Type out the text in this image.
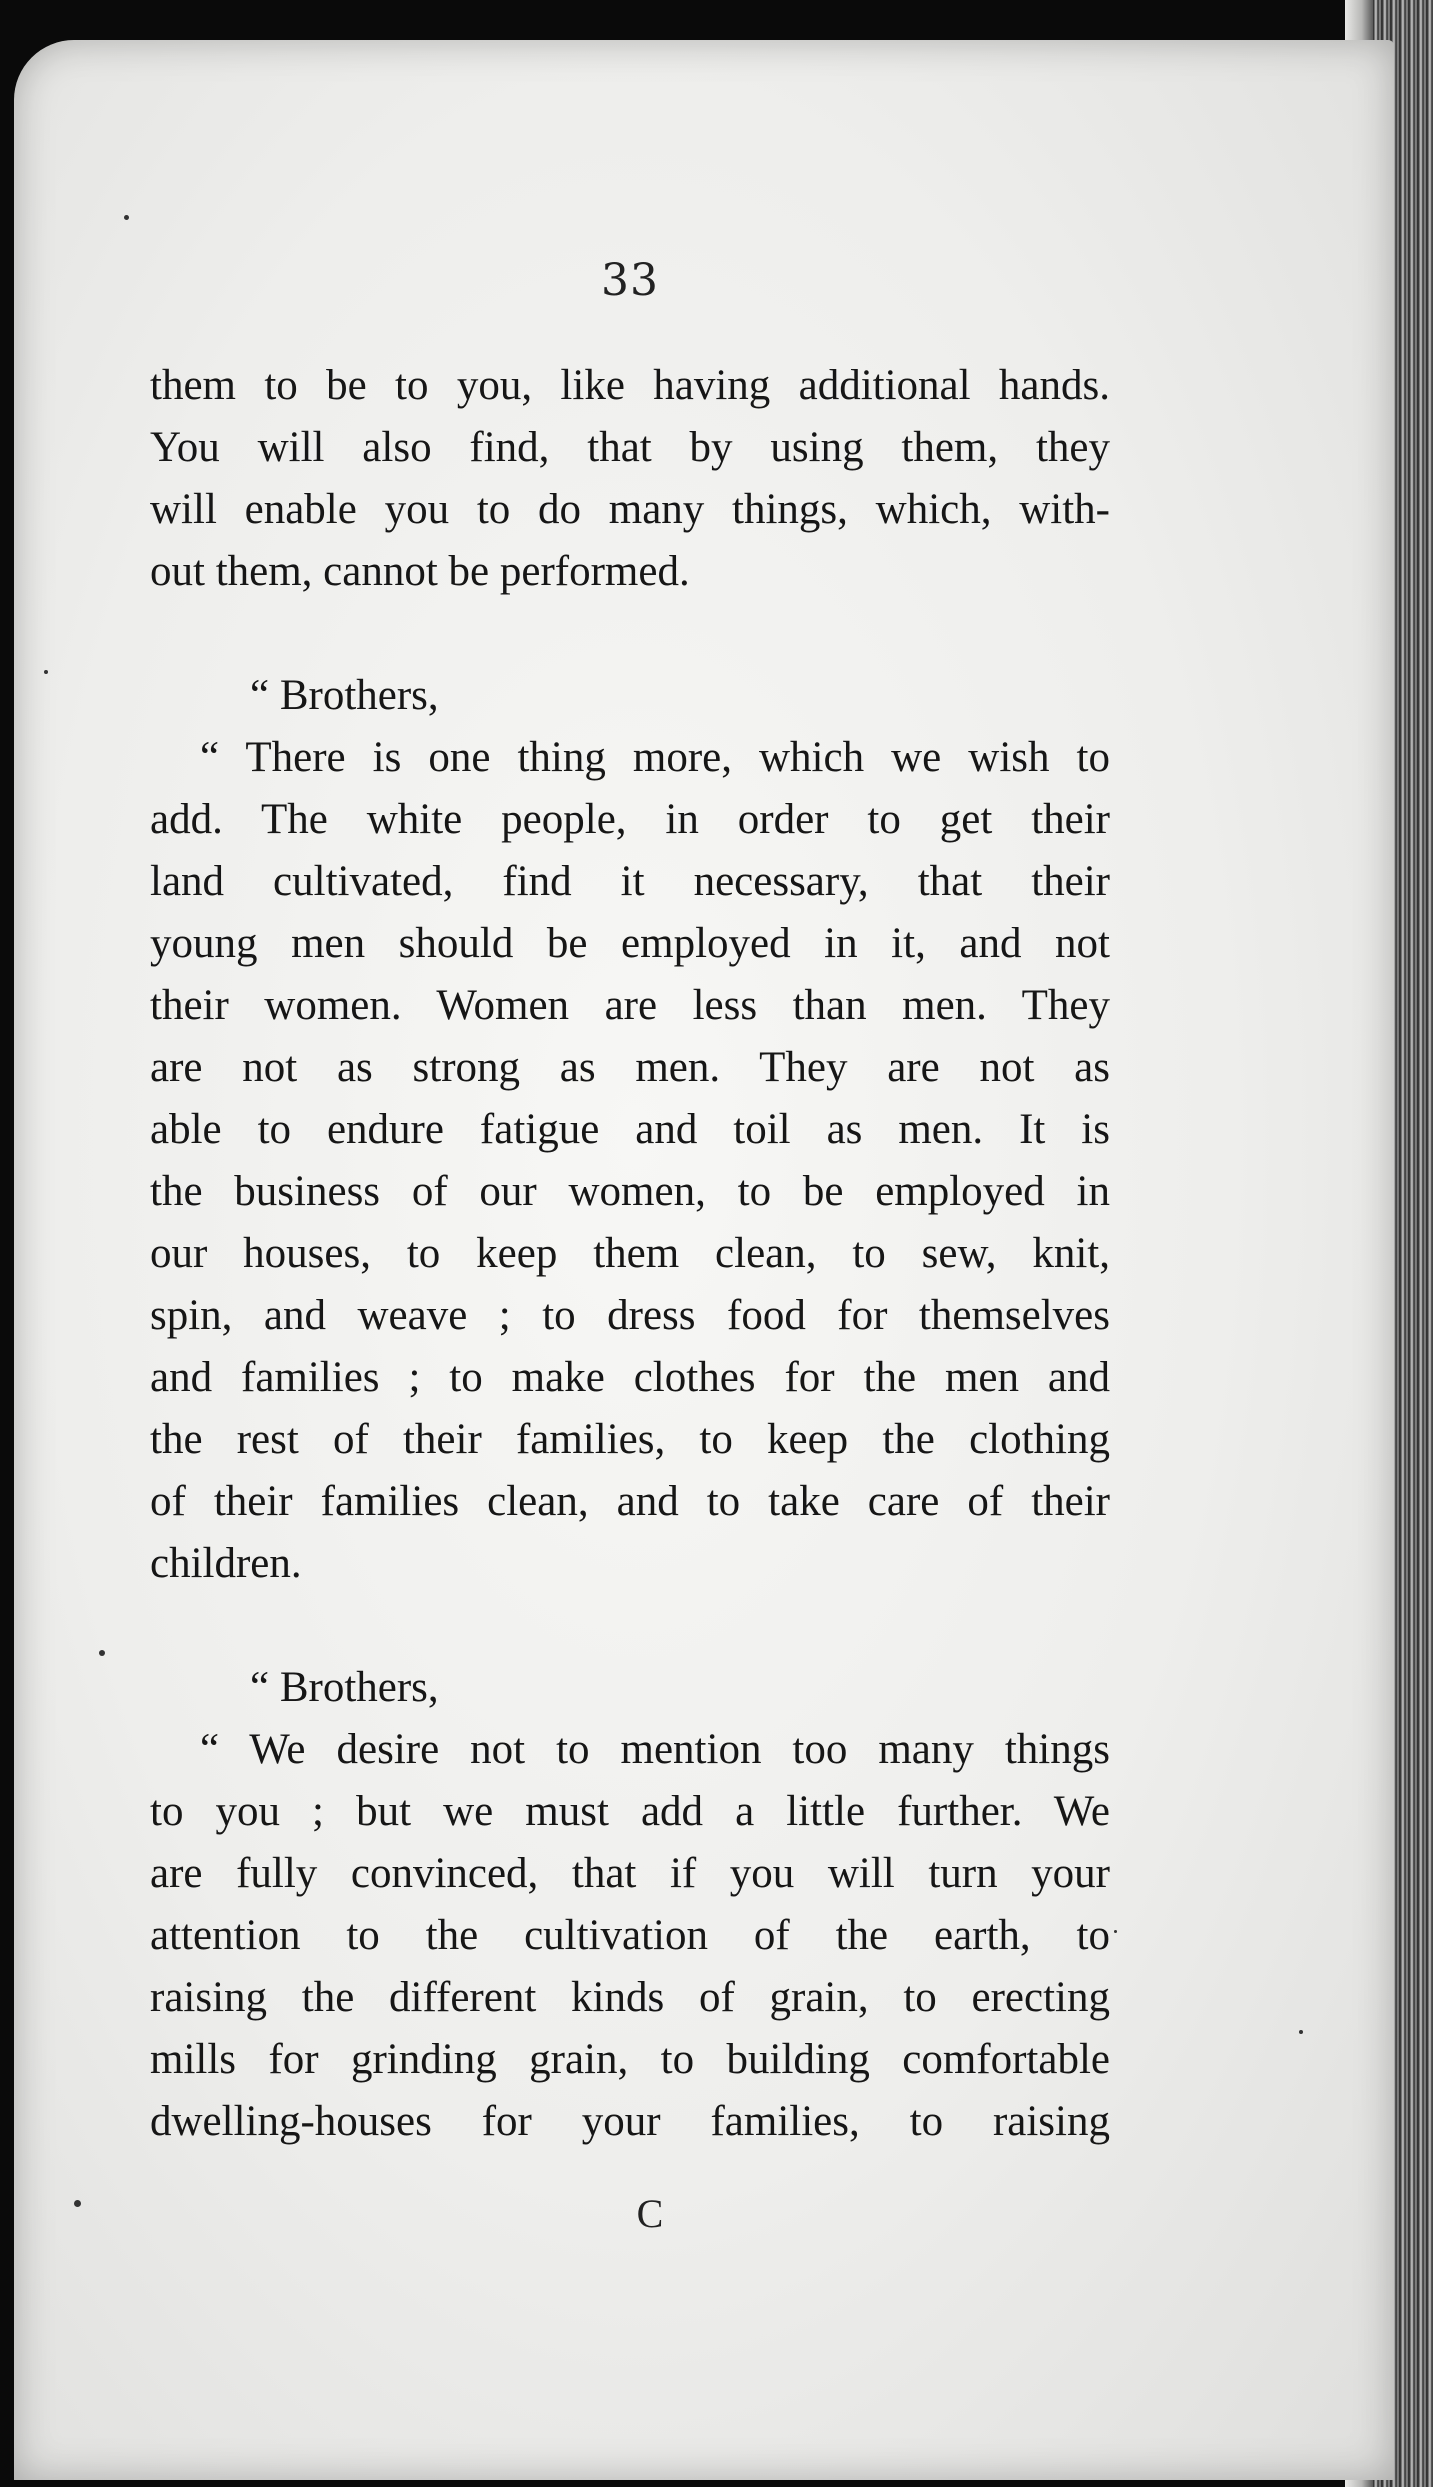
33
them to be to you, like having additional hands.
You will also find, that by using them, they
will enable you to do many things, which, with-
out them, cannot be performed.
“ Brothers,
“ There is one thing more, which we wish to
add. The white people, in order to get their
land cultivated, find it necessary, that their
young men should be employed in it, and not
their women. Women are less than men. They
are not as strong as men. They are not as
able to endure fatigue and toil as men. It is
the business of our women, to be employed in
our houses, to keep them clean, to sew, knit,
spin, and weave ; to dress food for themselves
and families ; to make clothes for the men and
the rest of their families, to keep the clothing
of their families clean, and to take care of their
children.
“ Brothers,
“ We desire not to mention too many things
to you ; but we must add a little further. We
are fully convinced, that if you will turn your
attention to the cultivation of the earth, to
raising the different kinds of grain, to erecting
mills for grinding grain, to building comfortable
dwelling-houses for your families, to raising
C
